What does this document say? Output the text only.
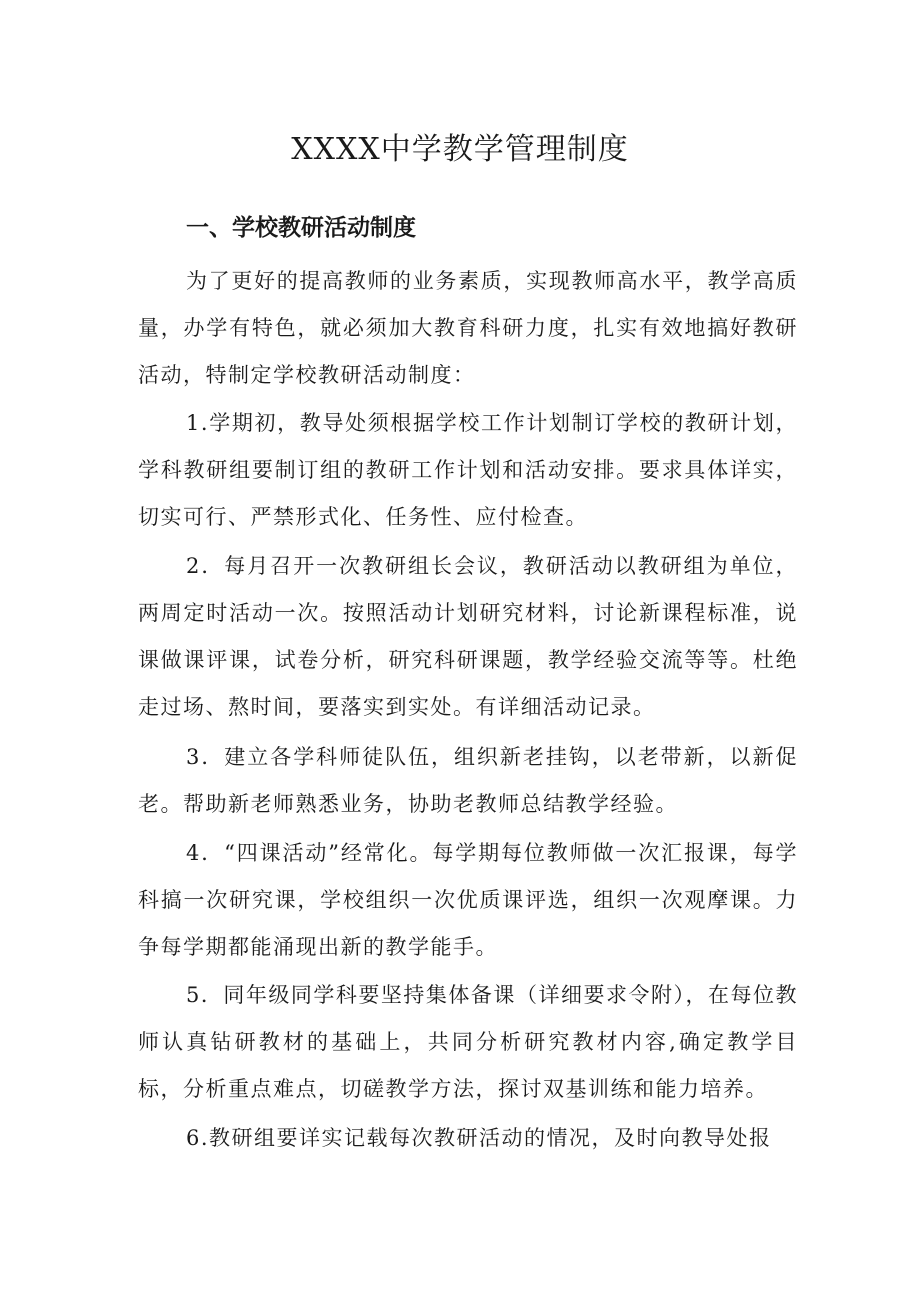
XXXX中学教学管理制度
一、学校教研活动制度

为了更好的提高教师的业务素质，实现教师高水平，教学高质量，办学有特色，就必须加大教育科研力度，扎实有效地搞好教研活动，特制定学校教研活动制度：

1.学期初，教导处须根据学校工作计划制订学校的教研计划，学科教研组要制订组的教研工作计划和活动安排。要求具体详实，切实可行、严禁形式化、任务性、应付检查。

2．每月召开一次教研组长会议，教研活动以教研组为单位，两周定时活动一次。按照活动计划研究材料，讨论新课程标准，说课做课评课，试卷分析，研究科研课题，教学经验交流等等。杜绝走过场、熬时间，要落实到实处。有详细活动记录。

3．建立各学科师徒队伍，组织新老挂钩，以老带新，以新促老。帮助新老师熟悉业务，协助老教师总结教学经验。

4．“四课活动”经常化。每学期每位教师做一次汇报课，每学科搞一次研究课，学校组织一次优质课评选，组织一次观摩课。力争每学期都能涌现出新的教学能手。

5．同年级同学科要坚持集体备课（详细要求令附），在每位教师认真钻研教材的基础上，共同分析研究教材内容,确定教学目标，分析重点难点，切磋教学方法，探讨双基训练和能力培养。

6.教研组要详实记载每次教研活动的情况，及时向教导处报
